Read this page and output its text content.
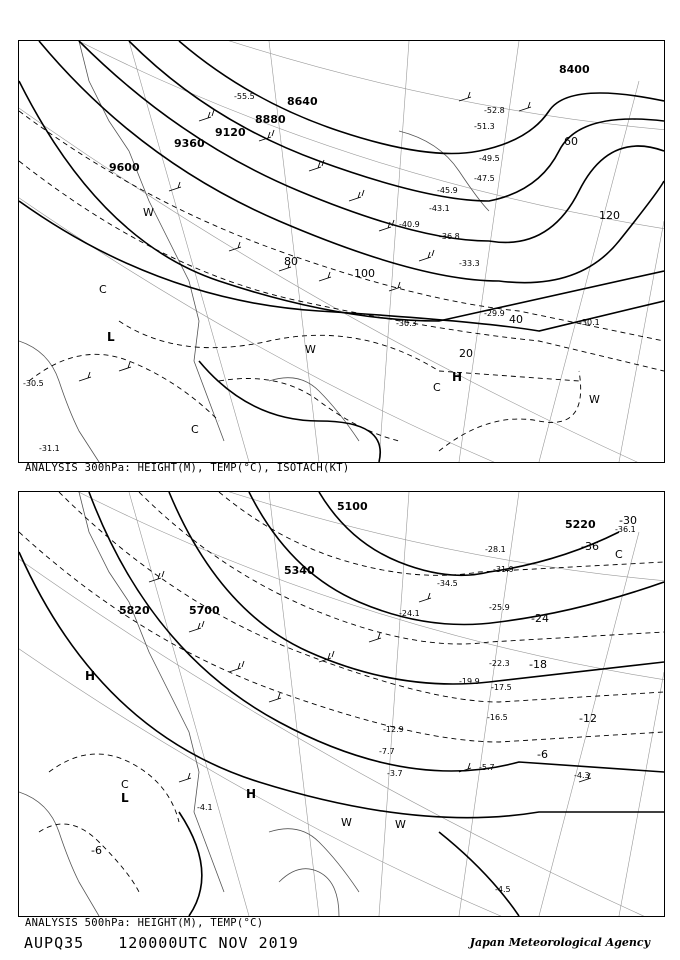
9600
9360
9120
8880
8640
8400
20
40
60
80
100
120
-29.9
-30.1
-30.3
-30.5
-31.1
-33.3
-36.8
-40.9
-43.1
-45.9
-47.5
-49.5
-51.3
-52.8
-55.5
L
H
W
W
W
C
C
C
ANALYSIS 300hPa: HEIGHT(M), TEMP(°C), ISOTACH(KT)
5820	5700
5340
5220
5100
-6
-6
-12
-18
-24
-30
-36
-3.7
-4.1
-4.3
-4.5
-5.7
-7.7
-12.9
-16.5
-17.5
-19.9
-22.3
-24.1
-25.9
-28.1
-31.9
-34.5
-36.1
H
H
L
W	W
C
C
ANALYSIS 500hPa: HEIGHT(M), TEMP(°C)
AUPQ35 120000UTC NOV 2019	Japan Meteorological Agency
